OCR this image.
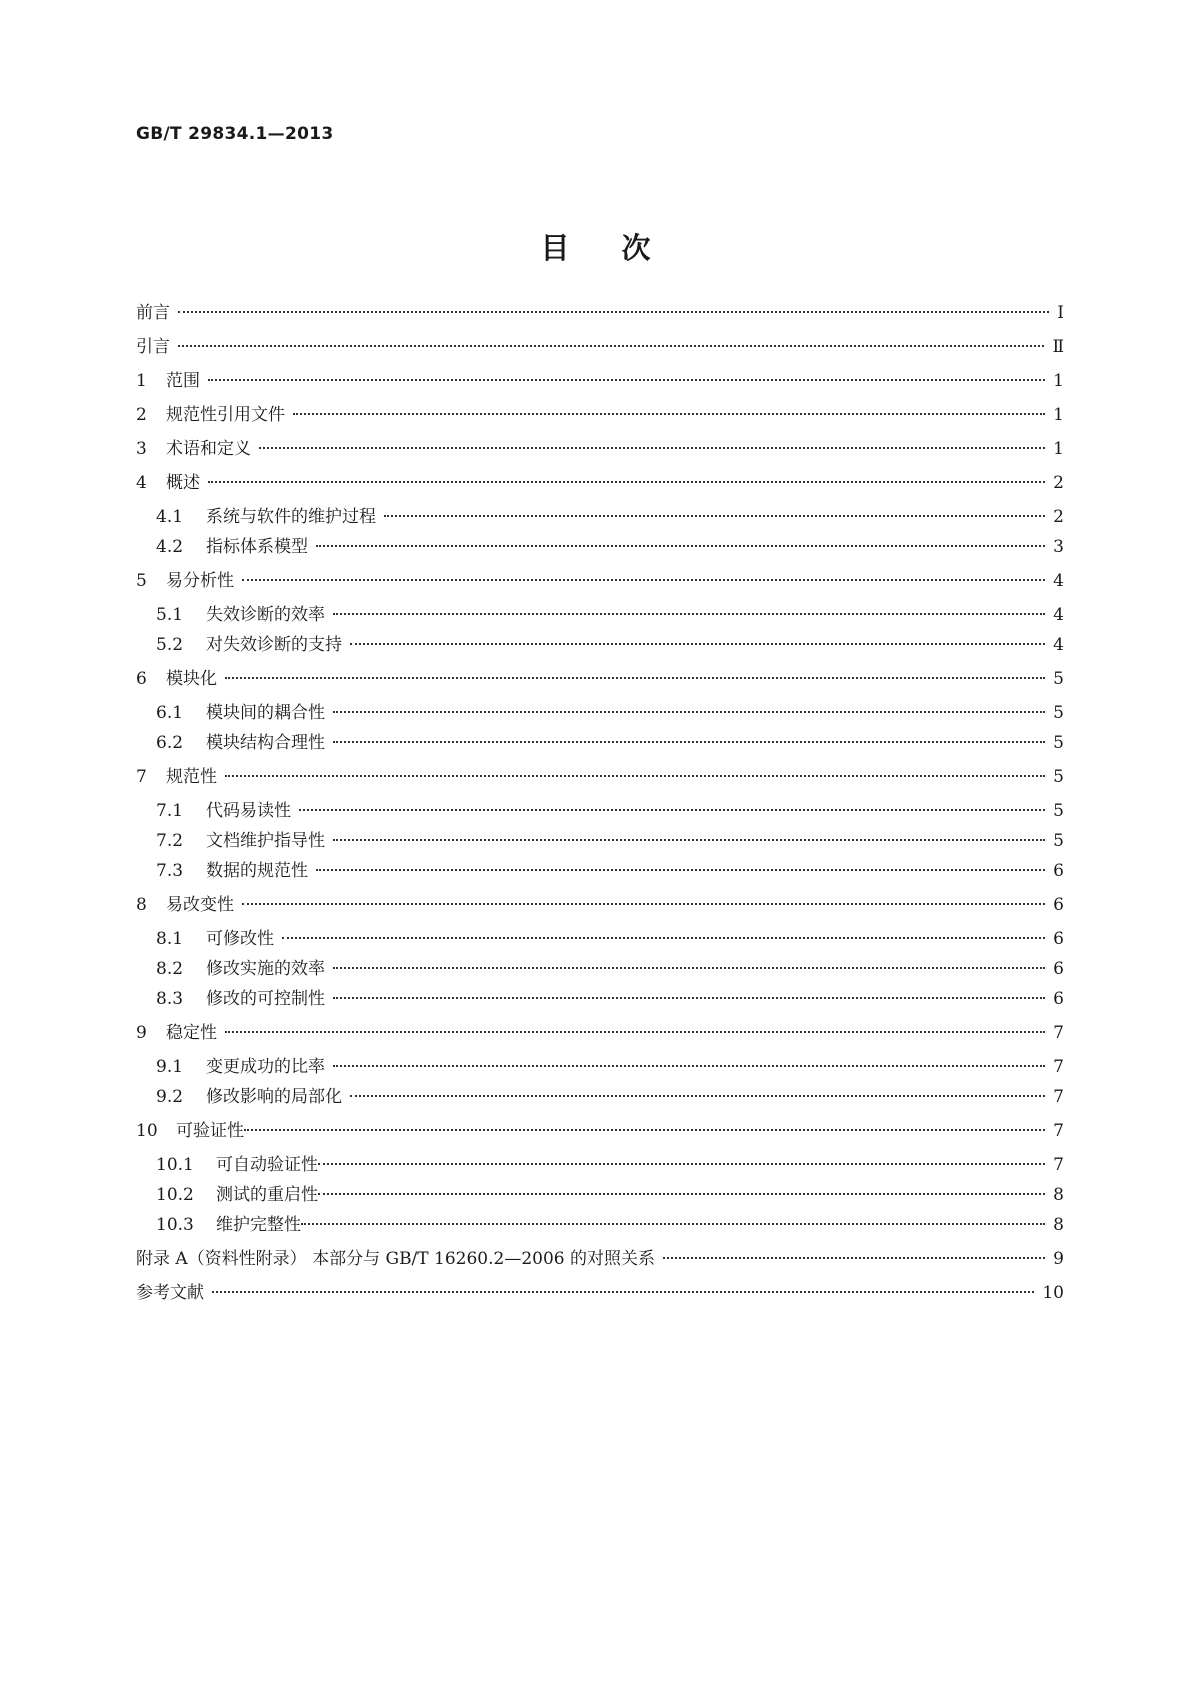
GB/T 29834.1—2013
目次
前言	Ⅰ
引言	Ⅱ
1 范围	1
2 规范性引用文件	1
3 术语和定义	1
4 概述	2
4.1 系统与软件的维护过程	2
4.2 指标体系模型	3
5 易分析性	4
5.1 失效诊断的效率	4
5.2 对失效诊断的支持	4
6 模块化	5
6.1 模块间的耦合性	5
6.2 模块结构合理性	5
7 规范性	5
7.1 代码易读性	5
7.2 文档维护指导性	5
7.3 数据的规范性	6
8 易改变性	6
8.1 可修改性	6
8.2 修改实施的效率	6
8.3 修改的可控制性	6
9 稳定性	7
9.1 变更成功的比率	7
9.2 修改影响的局部化	7
10 可验证性	7
10.1 可自动验证性	7
10.2 测试的重启性	8
10.3 维护完整性	8
附录 A（资料性附录） 本部分与 GB/T 16260.2—2006 的对照关系	9
参考文献	10
